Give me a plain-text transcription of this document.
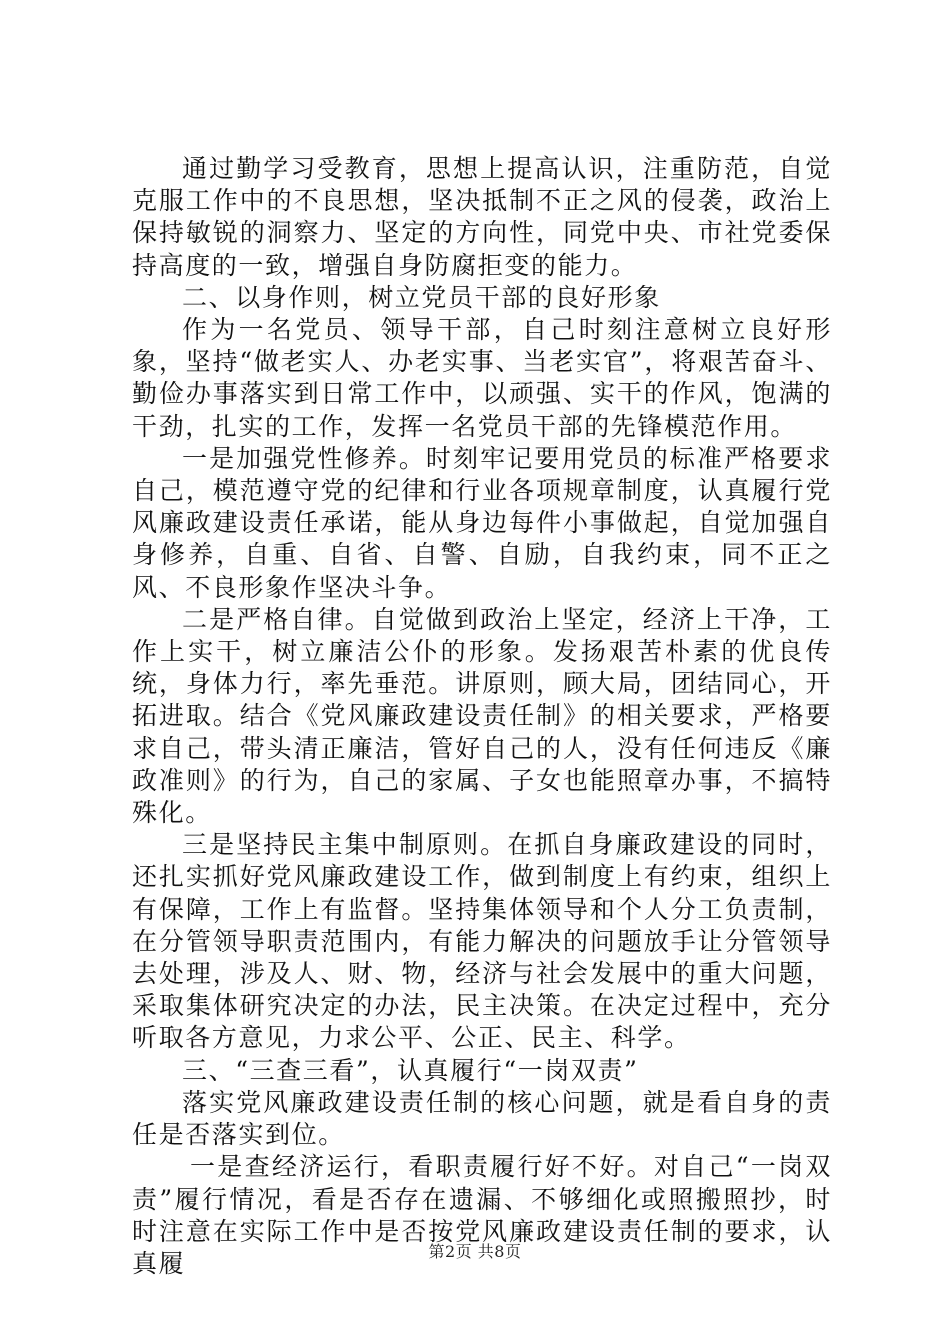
通过勤学习受教育，思想上提高认识，注重防范，自觉克服工作中的不良思想，坚决抵制不正之风的侵袭，政治上保持敏锐的洞察力、坚定的方向性，同党中央、市社党委保持高度的一致，增强自身防腐拒变的能力。

二、以身作则，树立党员干部的良好形象

作为一名党员、领导干部，自己时刻注意树立良好形象，坚持“做老实人、办老实事、当老实官”，将艰苦奋斗、勤俭办事落实到日常工作中，以顽强、实干的作风，饱满的干劲，扎实的工作，发挥一名党员干部的先锋模范作用。

一是加强党性修养。时刻牢记要用党员的标准严格要求自己，模范遵守党的纪律和行业各项规章制度，认真履行党风廉政建设责任承诺，能从身边每件小事做起，自觉加强自身修养，自重、自省、自警、自励，自我约束，同不正之风、不良形象作坚决斗争。

二是严格自律。自觉做到政治上坚定，经济上干净，工作上实干，树立廉洁公仆的形象。发扬艰苦朴素的优良传统，身体力行，率先垂范。讲原则，顾大局，团结同心，开拓进取。结合《党风廉政建设责任制》的相关要求，严格要求自己，带头清正廉洁，管好自己的人，没有任何违反《廉政准则》的行为，自己的家属、子女也能照章办事，不搞特殊化。

三是坚持民主集中制原则。在抓自身廉政建设的同时，还扎实抓好党风廉政建设工作，做到制度上有约束，组织上有保障，工作上有监督。坚持集体领导和个人分工负责制，在分管领导职责范围内，有能力解决的问题放手让分管领导去处理，涉及人、财、物，经济与社会发展中的重大问题，采取集体研究决定的办法，民主决策。在决定过程中，充分听取各方意见，力求公平、公正、民主、科学。

三、“三查三看”，认真履行“一岗双责”

落实党风廉政建设责任制的核心问题，就是看自身的责任是否落实到位。

一是查经济运行，看职责履行好不好。对自己“一岗双责”履行情况，看是否存在遗漏、不够细化或照搬照抄，时时注意在实际工作中是否按党风廉政建设责任制的要求，认真履	第2页 共8页
